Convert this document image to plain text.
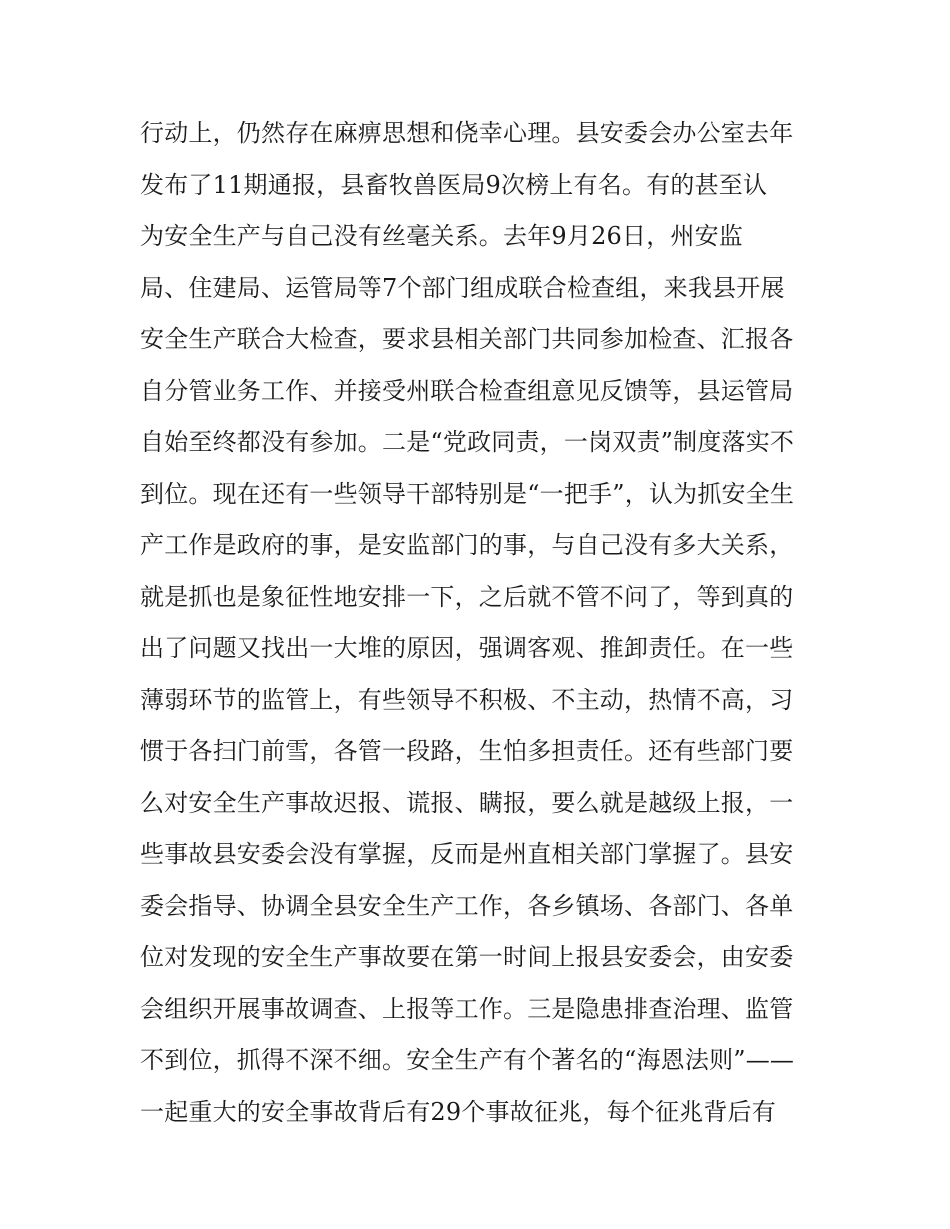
行动上，仍然存在麻痹思想和侥幸心理。县安委会办公室去年
发布了11期通报，县畜牧兽医局9次榜上有名。有的甚至认
为安全生产与自己没有丝毫关系。去年9月26日，州安监
局、住建局、运管局等7个部门组成联合检查组，来我县开展
安全生产联合大检查，要求县相关部门共同参加检查、汇报各
自分管业务工作、并接受州联合检查组意见反馈等，县运管局
自始至终都没有参加。二是“党政同责，一岗双责”制度落实不
到位。现在还有一些领导干部特别是“一把手”，认为抓安全生
产工作是政府的事，是安监部门的事，与自己没有多大关系，
就是抓也是象征性地安排一下，之后就不管不问了，等到真的
出了问题又找出一大堆的原因，强调客观、推卸责任。在一些
薄弱环节的监管上，有些领导不积极、不主动，热情不高，习
惯于各扫门前雪，各管一段路，生怕多担责任。还有些部门要
么对安全生产事故迟报、谎报、瞒报，要么就是越级上报，一
些事故县安委会没有掌握，反而是州直相关部门掌握了。县安
委会指导、协调全县安全生产工作，各乡镇场、各部门、各单
位对发现的安全生产事故要在第一时间上报县安委会，由安委
会组织开展事故调查、上报等工作。三是隐患排查治理、监管
不到位，抓得不深不细。安全生产有个著名的“海恩法则”——
一起重大的安全事故背后有29个事故征兆，每个征兆背后有
